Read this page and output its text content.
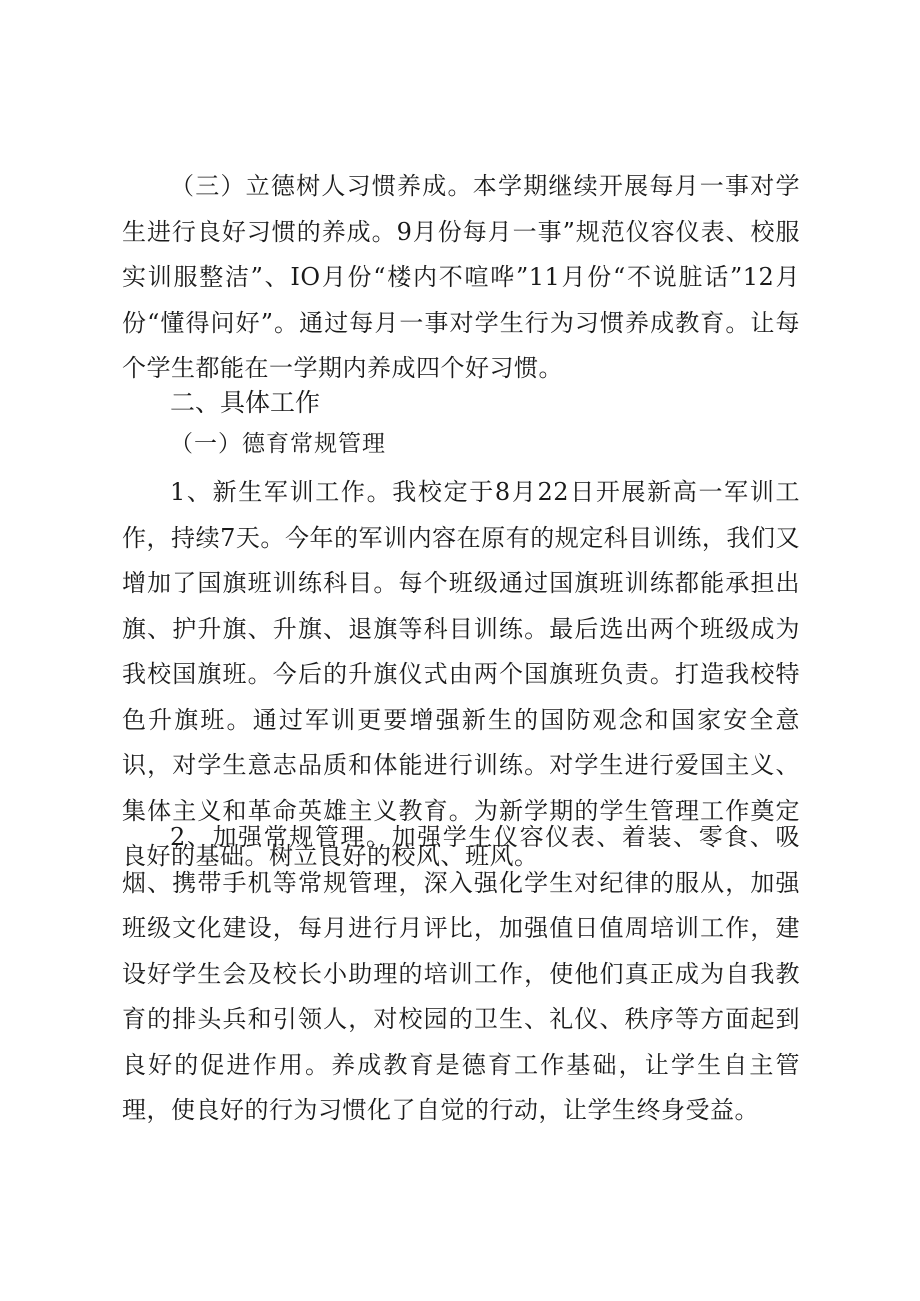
（三）立德树人习惯养成。本学期继续开展每月一事对学生进行良好习惯的养成。9月份每月一事”规范仪容仪表、校服实训服整洁”、IO月份“楼内不喧哗”11月份“不说脏话”12月份“懂得问好”。通过每月一事对学生行为习惯养成教育。让每个学生都能在一学期内养成四个好习惯。

二、具体工作
（一）德育常规管理

1、新生军训工作。我校定于8月22日开展新高一军训工作，持续7天。今年的军训内容在原有的规定科目训练，我们又增加了国旗班训练科目。每个班级通过国旗班训练都能承担出旗、护升旗、升旗、退旗等科目训练。最后选出两个班级成为我校国旗班。今后的升旗仪式由两个国旗班负责。打造我校特色升旗班。通过军训更要增强新生的国防观念和国家安全意识，对学生意志品质和体能进行训练。对学生进行爱国主义、集体主义和革命英雄主义教育。为新学期的学生管理工作奠定良好的基础。树立良好的校风、班风。

2、加强常规管理。加强学生仪容仪表、着装、零食、吸烟、携带手机等常规管理，深入强化学生对纪律的服从，加强班级文化建设，每月进行月评比，加强值日值周培训工作，建设好学生会及校长小助理的培训工作，使他们真正成为自我教育的排头兵和引领人，对校园的卫生、礼仪、秩序等方面起到良好的促进作用。养成教育是德育工作基础，让学生自主管理，使良好的行为习惯化了自觉的行动，让学生终身受益。
